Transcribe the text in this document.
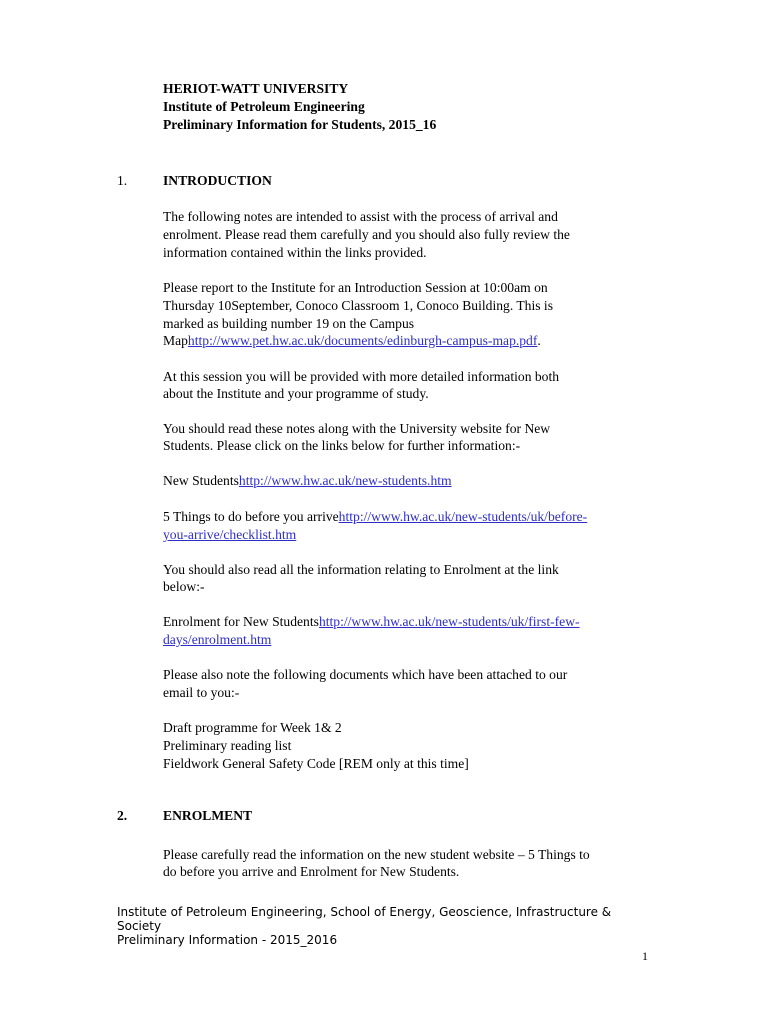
HERIOT-WATT UNIVERSITY
Institute of Petroleum Engineering
Preliminary Information for Students, 2015_16
1.	INTRODUCTION
The following notes are intended to assist with the process of arrival and
enrolment. Please read them carefully and you should also fully review the
information contained within the links provided.
Please report to the Institute for an Introduction Session at 10:00am on
Thursday 10September, Conoco Classroom 1, Conoco Building. This is
marked as building number 19 on the Campus
Maphttp://www.pet.hw.ac.uk/documents/edinburgh-campus-map.pdf.
At this session you will be provided with more detailed information both
about the Institute and your programme of study.
You should read these notes along with the University website for New
Students. Please click on the links below for further information:-
New Studentshttp://www.hw.ac.uk/new-students.htm
5 Things to do before you arrivehttp://www.hw.ac.uk/new-students/uk/before-
you-arrive/checklist.htm
You should also read all the information relating to Enrolment at the link
below:-
Enrolment for New Studentshttp://www.hw.ac.uk/new-students/uk/first-few-
days/enrolment.htm
Please also note the following documents which have been attached to our
email to you:-
Draft programme for Week 1& 2
Preliminary reading list
Fieldwork General Safety Code [REM only at this time]
2.	ENROLMENT
Please carefully read the information on the new student website – 5 Things to
do before you arrive and Enrolment for New Students.
Institute of Petroleum Engineering, School of Energy, Geoscience, Infrastructure &
Society
Preliminary Information - 2015_2016
1
